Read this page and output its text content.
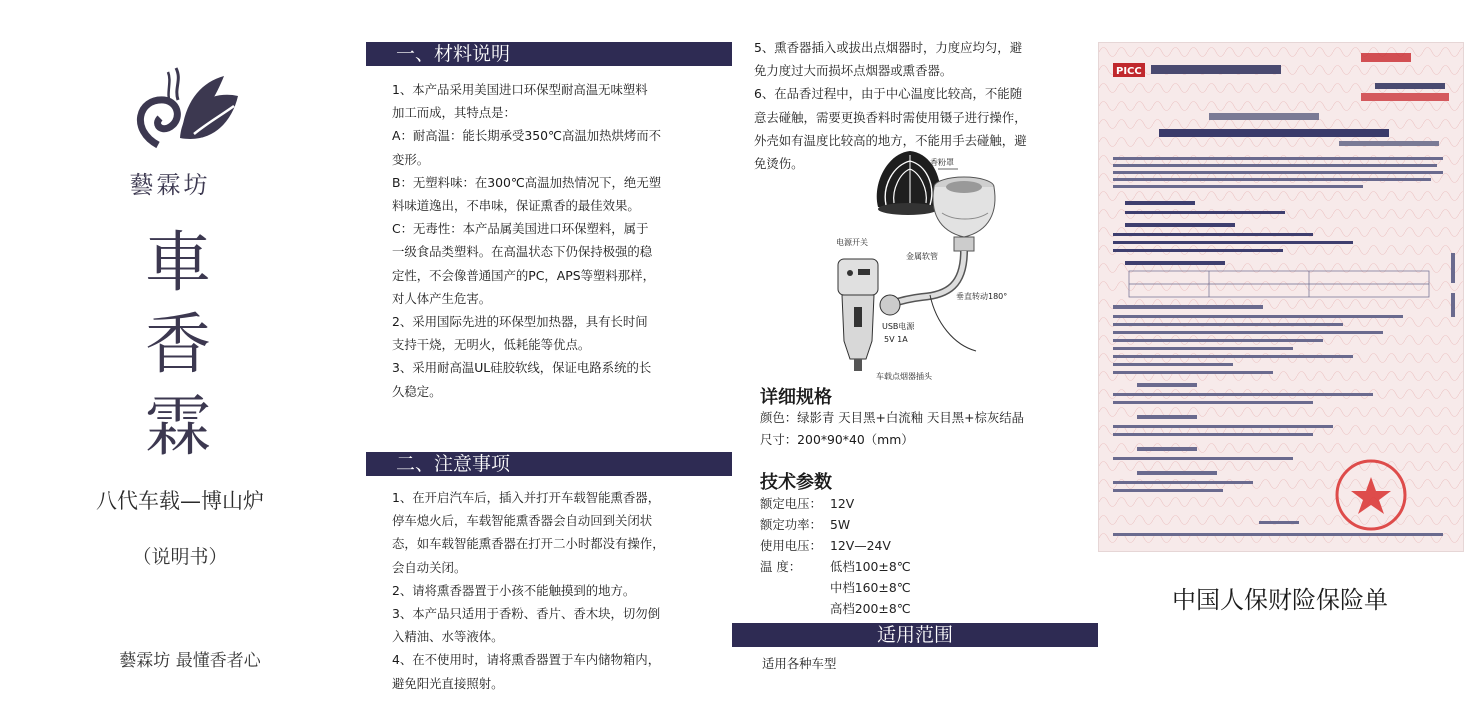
藝霖坊
車
香
霖
八代车载—博山炉
（说明书）
藝霖坊 最懂香者心
一、材料说明

1、本产品采用美国进口环保型耐高温无味塑料

加工而成，其特点是：

A：耐高温：能长期承受350℃高温加热烘烤而不

变形。

B：无塑料味：在300℃高温加热情况下，绝无塑

料味道逸出，不串味，保证熏香的最佳效果。

C：无毒性：本产品属美国进口环保塑料，属于

一级食品类塑料。在高温状态下仍保持极强的稳

定性，不会像普通国产的PC，APS等塑料那样，

对人体产生危害。

2、采用国际先进的环保型加热器，具有长时间

支持干烧，无明火，低耗能等优点。

3、采用耐高温UL硅胶软线，保证电路系统的长

久稳定。

二、注意事项

1、在开启汽车后，插入并打开车载智能熏香器，

停车熄火后，车载智能熏香器会自动回到关闭状

态，如车载智能熏香器在打开二小时都没有操作，

会自动关闭。

2、请将熏香器置于小孩不能触摸到的地方。

3、本产品只适用于香粉、香片、香木块，切勿倒

入精油、水等液体。

4、在不使用时，请将熏香器置于车内储物箱内，

避免阳光直接照射。

5、熏香器插入或拔出点烟器时，力度应均匀，避

免力度过大而损坏点烟器或熏香器。

6、在品香过程中，由于中心温度比较高，不能随

意去碰触，需要更换香料时需使用镊子进行操作，

外壳如有温度比较高的地方，不能用手去碰触，避

免烫伤。	香粉罩
电源开关
金属软管
垂直转动180°
USB电源
5V 1A
车载点烟器插头
详细规格

颜色：绿影青 天目黑+白流釉 天目黑+棕灰结晶

尺寸：200*90*40（mm）

技术参数
额定电压： 12V
额定功率： 5W
使用电压： 12V—24V
温 度：	低档100±8℃
中档160±8℃
高档200±8℃
适用范围
适用各种车型
PICC
中国人保财险保险单
